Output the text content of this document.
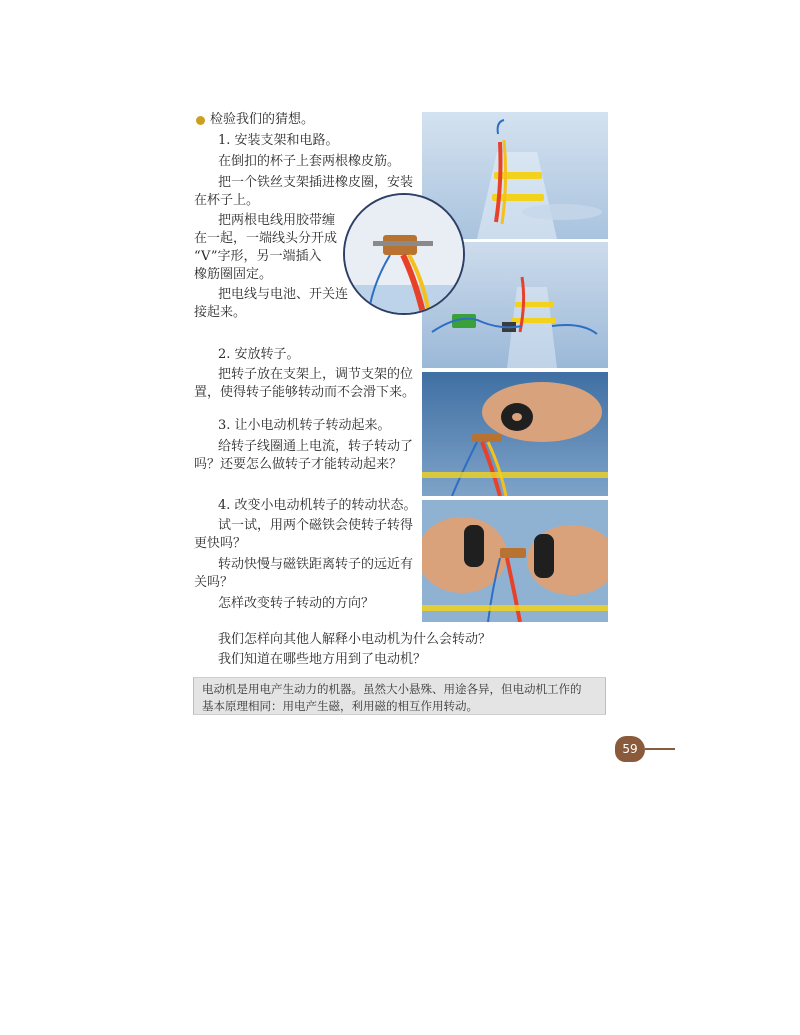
检验我们的猜想。
1. 安装支架和电路。
在倒扣的杯子上套两根橡皮筋。
把一个铁丝支架插进橡皮圈，安装
在杯子上。
把两根电线用胶带缠
在一起，一端线头分开成
“V”字形，另一端插入
橡筋圈固定。
把电线与电池、开关连
接起来。
2. 安放转子。
把转子放在支架上，调节支架的位
置，使得转子能够转动而不会滑下来。
3. 让小电动机转子转动起来。
给转子线圈通上电流，转子转动了
吗？还要怎么做转子才能转动起来？
4. 改变小电动机转子的转动状态。
试一试，用两个磁铁会使转子转得
更快吗？
转动快慢与磁铁距离转子的远近有
关吗？
怎样改变转子转动的方向？
我们怎样向其他人解释小电动机为什么会转动？
我们知道在哪些地方用到了电动机？
电动机是用电产生动力的机器。虽然大小悬殊、用途各异，但电动机工作的
基本原理相同：用电产生磁，利用磁的相互作用转动。
59
